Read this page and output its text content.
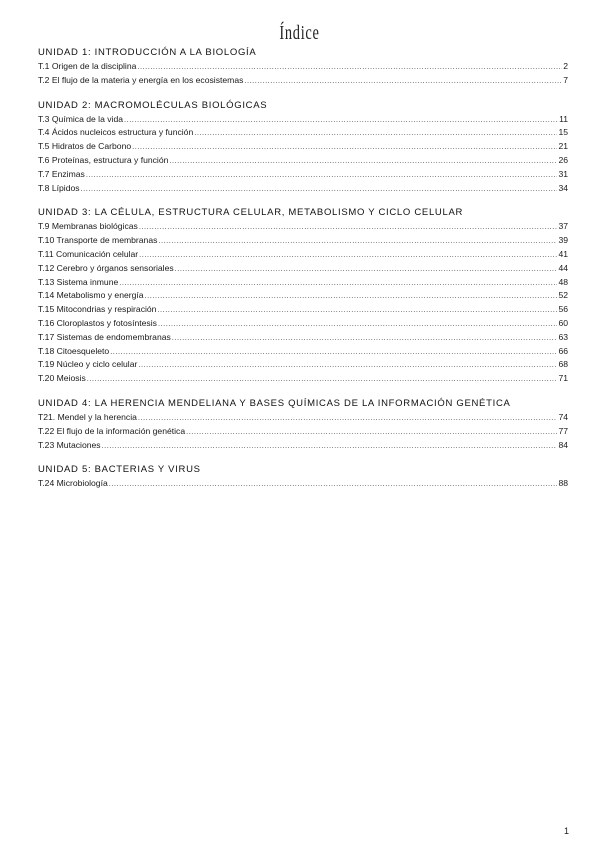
Índice
UNIDAD 1: INTRODUCCIÓN A LA BIOLOGÍA
T.1 Origen de la disciplina .....	2
T.2 El flujo de la materia y energía en los ecosistemas .....	7
UNIDAD 2: MACROMOLÉCULAS BIOLÓGICAS
T.3 Química de la vida .....	11
T.4 Ácidos nucleicos estructura y función .....	15
T.5 Hidratos de Carbono .....	21
T.6 Proteínas, estructura y función .....	26
T.7 Enzimas .....	31
T.8 Lípidos .....	34
UNIDAD 3: LA CÉLULA, ESTRUCTURA CELULAR, METABOLISMO Y CICLO CELULAR
T.9 Membranas biológicas .....	37
T.10 Transporte de membranas .....	39
T.11 Comunicación celular .....	41
T.12 Cerebro y órganos sensoriales .....	44
T.13 Sistema inmune .....	48
T.14 Metabolismo y energía .....	52
T.15 Mitocondrias y respiración .....	56
T.16 Cloroplastos y fotosíntesis .....	60
T.17 Sistemas de endomembranas .....	63
T.18 Citoesqueleto .....	66
T.19 Núcleo y ciclo celular .....	68
T.20 Meiosis .....	71
UNIDAD 4: LA HERENCIA MENDELIANA Y BASES QUÍMICAS DE LA INFORMACIÓN GENÉTICA
T21. Mendel y la herencia .....	74
T.22 El flujo de la información genética .....	77
T.23 Mutaciones .....	84
UNIDAD 5: BACTERIAS Y VIRUS
T.24 Microbiología .....	88
1
